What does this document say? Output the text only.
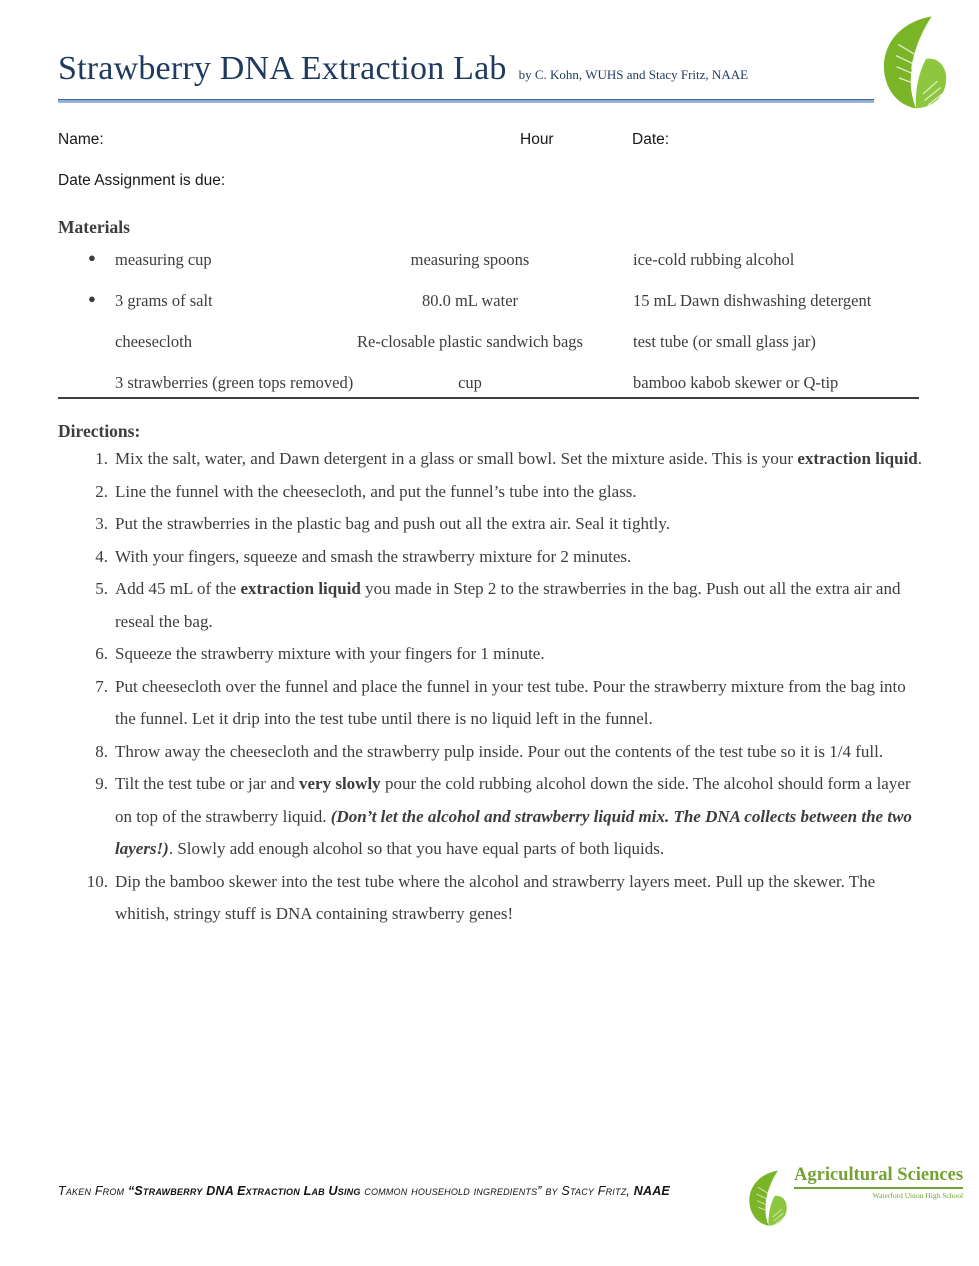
Strawberry DNA Extraction Lab by C. Kohn, WUHS and Stacy Fritz, NAAE
Name:	Hour	Date:
Date Assignment is due:
Materials
● measuring cup	measuring spoons	ice-cold rubbing alcohol
● 3 grams of salt	80.0 mL water	15 mL Dawn dishwashing detergent
cheesecloth	Re-closable plastic sandwich bags	test tube (or small glass jar)
3 strawberries (green tops removed)	cup	bamboo kabob skewer or Q-tip
Directions:
1. Mix the salt, water, and Dawn detergent in a glass or small bowl. Set the mixture aside. This is your extraction liquid.

2. Line the funnel with the cheesecloth, and put the funnel’s tube into the glass.

3. Put the strawberries in the plastic bag and push out all the extra air. Seal it tightly.

4. With your fingers, squeeze and smash the strawberry mixture for 2 minutes.

5. Add 45 mL of the extraction liquid you made in Step 2 to the strawberries in the bag. Push out all the extra air and reseal the bag.

6. Squeeze the strawberry mixture with your fingers for 1 minute.

7. Put cheesecloth over the funnel and place the funnel in your test tube. Pour the strawberry mixture from the bag into the funnel. Let it drip into the test tube until there is no liquid left in the funnel.

8. Throw away the cheesecloth and the strawberry pulp inside. Pour out the contents of the test tube so it is 1/4 full.

9. Tilt the test tube or jar and very slowly pour the cold rubbing alcohol down the side. The alcohol should form a layer on top of the strawberry liquid. (Don’t let the alcohol and strawberry liquid mix. The DNA collects between the two layers!). Slowly add enough alcohol so that you have equal parts of both liquids.

10. Dip the bamboo skewer into the test tube where the alcohol and strawberry layers meet. Pull up the skewer. The whitish, stringy stuff is DNA containing strawberry genes!

Taken From “Strawberry DNA Extraction Lab Using common household ingredients” by Stacy Fritz, NAAE
Agricultural Sciences
Waterford Union High School
